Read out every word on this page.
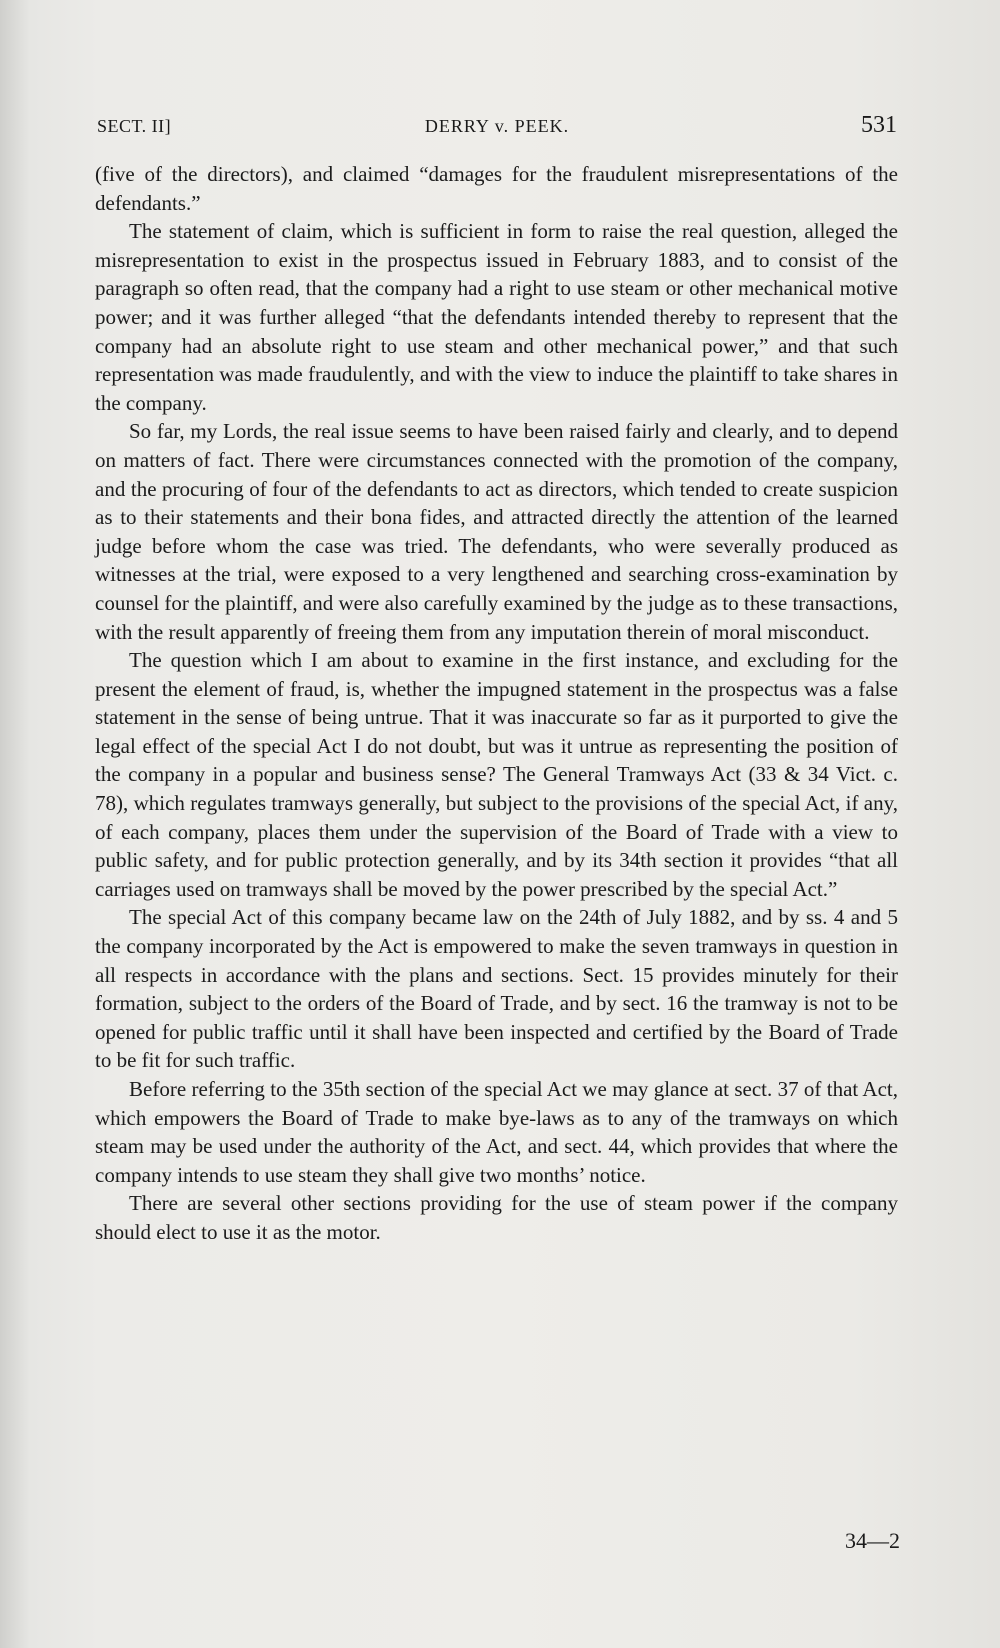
SECT. II]	DERRY v. PEEK.	531

(five of the directors), and claimed “damages for the fraudulent misrepresentations of the defendants.”

The statement of claim, which is sufficient in form to raise the real question, alleged the misrepresentation to exist in the prospectus issued in February 1883, and to consist of the paragraph so often read, that the company had a right to use steam or other mechanical motive power; and it was further alleged “that the defendants intended thereby to represent that the company had an absolute right to use steam and other mechanical power,” and that such representation was made fraudulently, and with the view to induce the plaintiff to take shares in the company.

So far, my Lords, the real issue seems to have been raised fairly and clearly, and to depend on matters of fact. There were circumstances connected with the promotion of the company, and the procuring of four of the defendants to act as directors, which tended to create suspicion as to their statements and their bona fides, and attracted directly the attention of the learned judge before whom the case was tried. The defendants, who were severally produced as witnesses at the trial, were exposed to a very lengthened and searching cross-examination by counsel for the plaintiff, and were also carefully examined by the judge as to these transactions, with the result apparently of freeing them from any imputation therein of moral misconduct.

The question which I am about to examine in the first instance, and excluding for the present the element of fraud, is, whether the impugned statement in the prospectus was a false statement in the sense of being untrue. That it was inaccurate so far as it purported to give the legal effect of the special Act I do not doubt, but was it untrue as representing the position of the company in a popular and business sense? The General Tramways Act (33 & 34 Vict. c. 78), which regulates tramways generally, but subject to the provisions of the special Act, if any, of each company, places them under the supervision of the Board of Trade with a view to public safety, and for public protection generally, and by its 34th section it provides “that all carriages used on tramways shall be moved by the power prescribed by the special Act.”

The special Act of this company became law on the 24th of July 1882, and by ss. 4 and 5 the company incorporated by the Act is empowered to make the seven tramways in question in all respects in accordance with the plans and sections. Sect. 15 provides minutely for their formation, subject to the orders of the Board of Trade, and by sect. 16 the tramway is not to be opened for public traffic until it shall have been inspected and certified by the Board of Trade to be fit for such traffic.

Before referring to the 35th section of the special Act we may glance at sect. 37 of that Act, which empowers the Board of Trade to make bye-laws as to any of the tramways on which steam may be used under the authority of the Act, and sect. 44, which provides that where the company intends to use steam they shall give two months’ notice.

There are several other sections providing for the use of steam power if the company should elect to use it as the motor.

34—2
